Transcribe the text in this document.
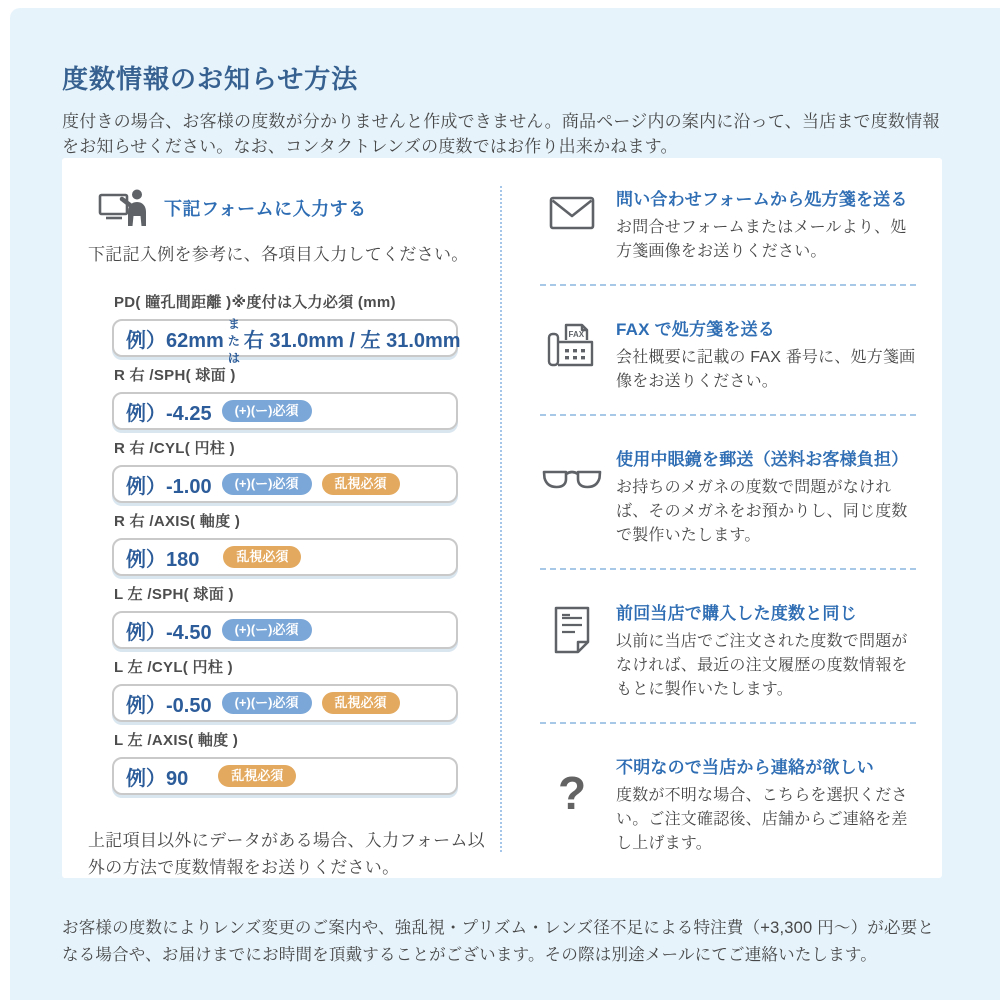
度数情報のお知らせ方法

度付きの場合、お客様の度数が分かりませんと作成できません。商品ページ内の案内に沿って、当店まで度数情報をお知らせください。なお、コンタクトレンズの度数ではお作り出来かねます。

下記フォームに入力する
下記記入例を参考に、各項目入力してください。
PD( 瞳孔間距離 )※度付は入力必須 (mm)
例）62mm
または
右 31.0mm / 左 31.0mm
R 右 /SPH( 球面 )
例）-4.25	(+)(ー)必須
R 右 /CYL( 円柱 )
例）-1.00	(+)(ー)必須	乱視必須
R 右 /AXIS( 軸度 )
例）180	乱視必須
L 左 /SPH( 球面 )
例）-4.50	(+)(ー)必須
L 左 /CYL( 円柱 )
例）-0.50	(+)(ー)必須	乱視必須
L 左 /AXIS( 軸度 )
例）90	乱視必須
上記項目以外にデータがある場合、入力フォーム以外の方法で度数情報をお送りください。
問い合わせフォームから処方箋を送る
お問合せフォームまたはメールより、処方箋画像をお送りください。
FAX FAX で処方箋を送る
会社概要に記載の FAX 番号に、処方箋画像をお送りください。
使用中眼鏡を郵送（送料お客様負担）
お持ちのメガネの度数で問題がなければ、そのメガネをお預かりし、同じ度数で製作いたします。
前回当店で購入した度数と同じ
以前に当店でご注文された度数で問題がなければ、最近の注文履歴の度数情報をもとに製作いたします。
? 不明なので当店から連絡が欲しい
度数が不明な場合、こちらを選択ください。ご注文確認後、店舗からご連絡を差し上げます。

お客様の度数によりレンズ変更のご案内や、強乱視・プリズム・レンズ径不足による特注費（+3,300 円〜）が必要となる場合や、お届けまでにお時間を頂戴することがございます。その際は別途メールにてご連絡いたします。
